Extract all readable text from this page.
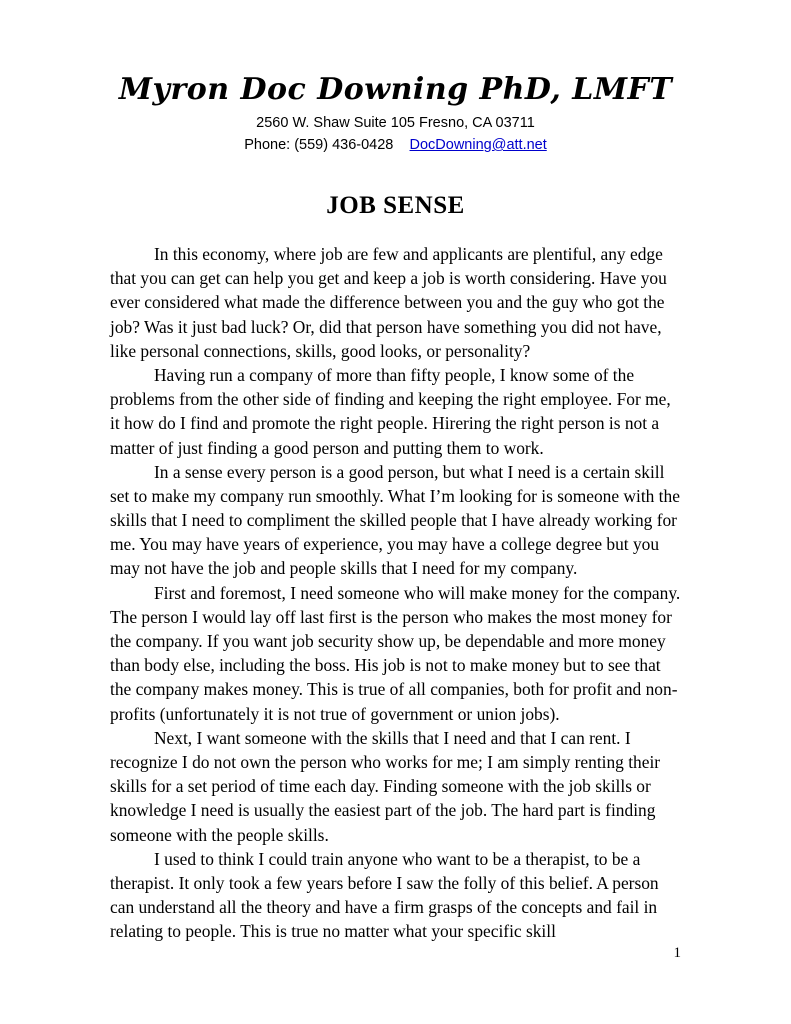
Myron Doc Downing PhD, LMFT

2560 W. Shaw Suite 105 Fresno, CA 03711

Phone: (559) 436-0428 DocDowning@att.net

JOB SENSE

In this economy, where job are few and applicants are plentiful, any edge that you can get can help you get and keep a job is worth considering. Have you ever considered what made the difference between you and the guy who got the job? Was it just bad luck? Or, did that person have something you did not have, like personal connections, skills, good looks, or personality?

Having run a company of more than fifty people, I know some of the problems from the other side of finding and keeping the right employee. For me, it how do I find and promote the right people. Hirering the right person is not a matter of just finding a good person and putting them to work.

In a sense every person is a good person, but what I need is a certain skill set to make my company run smoothly. What I’m looking for is someone with the skills that I need to compliment the skilled people that I have already working for me. You may have years of experience, you may have a college degree but you may not have the job and people skills that I need for my company.

First and foremost, I need someone who will make money for the company. The person I would lay off last first is the person who makes the most money for the company. If you want job security show up, be dependable and more money than body else, including the boss. His job is not to make money but to see that the company makes money. This is true of all companies, both for profit and non-profits (unfortunately it is not true of government or union jobs).

Next, I want someone with the skills that I need and that I can rent. I recognize I do not own the person who works for me; I am simply renting their skills for a set period of time each day. Finding someone with the job skills or knowledge I need is usually the easiest part of the job. The hard part is finding someone with the people skills.

I used to think I could train anyone who want to be a therapist, to be a therapist. It only took a few years before I saw the folly of this belief. A person can understand all the theory and have a firm grasps of the concepts and fail in relating to people. This is true no matter what your specific skill

1
